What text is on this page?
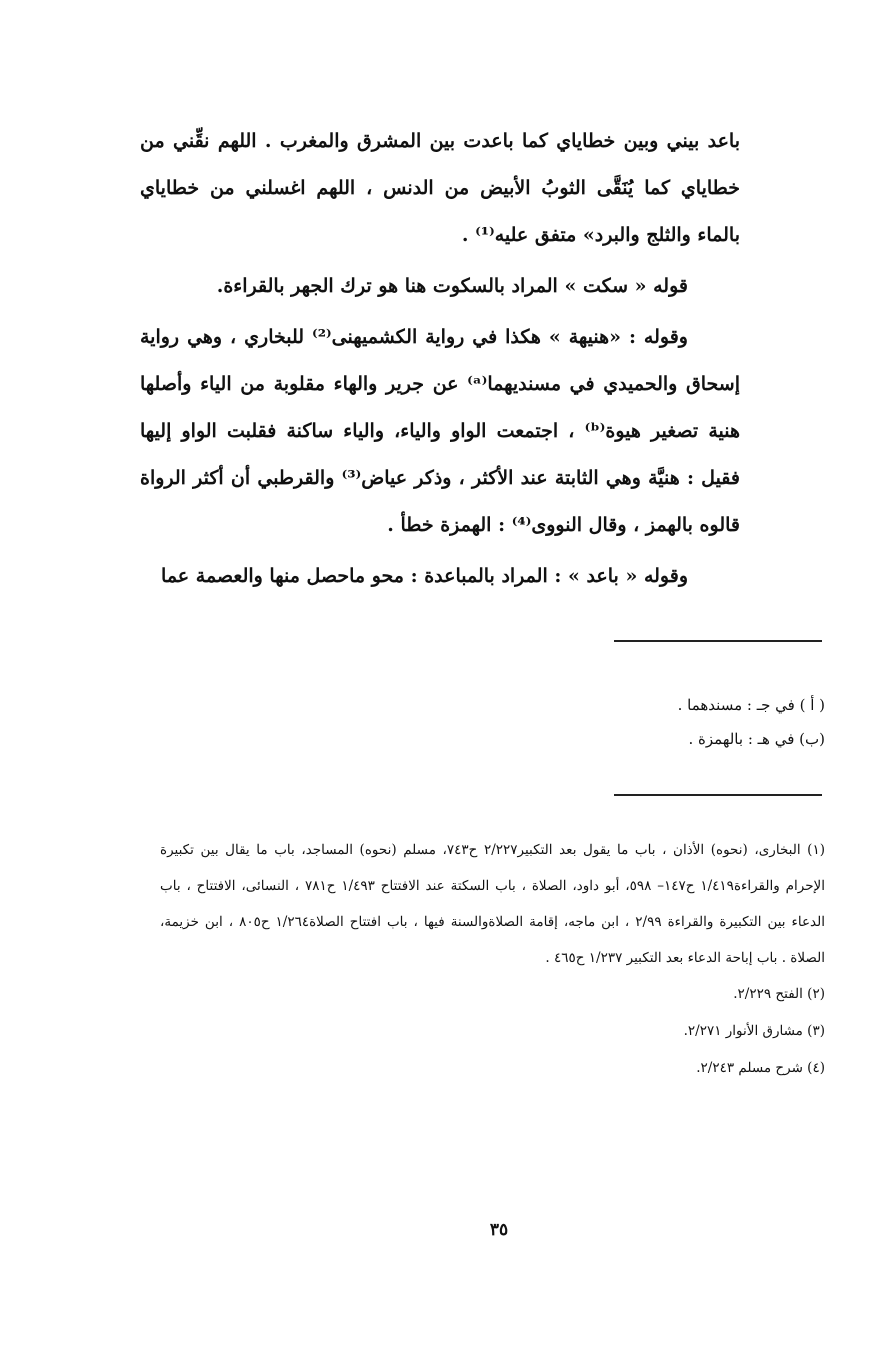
باعد بيني وبين خطاياي كما باعدت بين المشرق والمغرب . اللهم نقِّني من خطاياي كما يُنَقَّى الثوبُ الأبيض من الدنس ، اللهم اغسلني من خطاياي بالماء والثلج والبرد» متفق عليه⁽¹⁾ .

قوله « سكت » المراد بالسكوت هنا هو ترك الجهر بالقراءة.

وقوله : «هنيهة » هكذا في رواية الكشميهنى⁽²⁾ للبخاري ، وهي رواية إسحاق والحميدي في مسنديهما⁽ᵃ⁾ عن جرير والهاء مقلوبة من الياء وأصلها هنية تصغير هيوة⁽ᵇ⁾ ، اجتمعت الواو والياء، والياء ساكنة فقلبت الواو إليها فقيل : هنيَّة وهي الثابتة عند الأكثر ، وذكر عياض⁽³⁾ والقرطبي أن أكثر الرواة قالوه بالهمز ، وقال النووى⁽⁴⁾ : الهمزة خطأ .

وقوله « باعد » : المراد بالمباعدة : محو ماحصل منها والعصمة عما

( أ ) في جـ : مسندهما .
(ب) في هـ : بالهمزة .

(١) البخارى، (نحوه) الأذان ، باب ما يقول بعد التكبير٢/٢٢٧ ح٧٤٣، مسلم (نحوه) المساجد، باب ما يقال بين تكبيرة الإحرام والقراءة١/٤١٩ ح١٤٧– ٥٩٨، أبو داود، الصلاة ، باب السكتة عند الافتتاح ١/٤٩٣ ح٧٨١ ، النسائى، الافتتاح ، باب الدعاء بين التكبيرة والقراءة ٢/٩٩ ، ابن ماجه، إقامة الصلاةوالسنة فيها ، باب افتتاح الصلاة١/٢٦٤ ح٨٠٥ ، ابن خزيمة، الصلاة . باب إباحة الدعاء بعد التكبير ١/٢٣٧ ح٤٦٥ .

(٢) الفتح ٢/٢٢٩.

(٣) مشارق الأنوار ٢/٢٧١.

(٤) شرح مسلم ٢/٢٤٣.

٣٥
